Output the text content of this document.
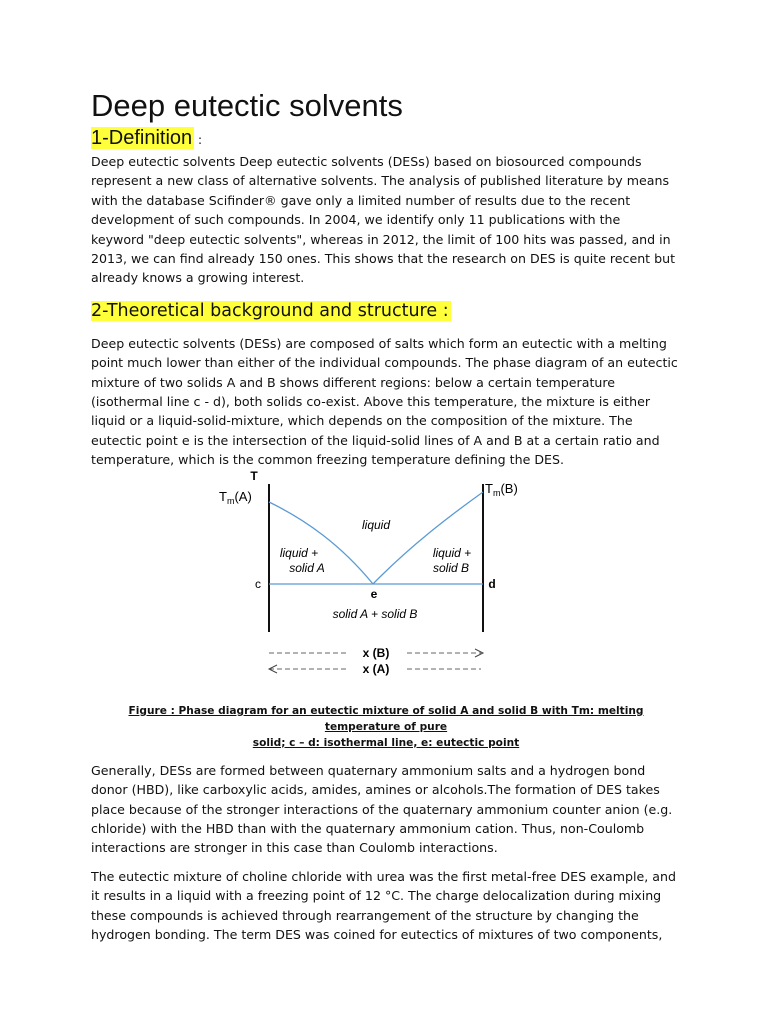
Deep eutectic solvents
1-Definition :

Deep eutectic solvents Deep eutectic solvents (DESs) based on biosourced compounds
represent a new class of alternative solvents. The analysis of published literature by means
with the database Scifinder® gave only a limited number of results due to the recent
development of such compounds. In 2004, we identify only 11 publications with the
keyword "deep eutectic solvents", whereas in 2012, the limit of 100 hits was passed, and in
2013, we can find already 150 ones. This shows that the research on DES is quite recent but
already knows a growing interest.

2-Theoretical background and structure :

Deep eutectic solvents (DESs) are composed of salts which form an eutectic with a melting
point much lower than either of the individual compounds. The phase diagram of an eutectic
mixture of two solids A and B shows different regions: below a certain temperature
(isothermal line c - d), both solids co-exist. Above this temperature, the mixture is either
liquid or a liquid-solid-mixture, which depends on the composition of the mixture. The
eutectic point e is the intersection of the liquid-solid lines of A and B at a certain ratio and
temperature, which is the common freezing temperature defining the DES.

T
$T_m(A)$
$T_m(B)$
liquid
liquid +
solid A
liquid +
solid B
c	d
e
solid A + solid B
x (B)
x (A)
Figure : Phase diagram for an eutectic mixture of solid A and solid B with Tm: melting temperature of pure
solid; c – d: isothermal line, e: eutectic point

Generally, DESs are formed between quaternary ammonium salts and a hydrogen bond
donor (HBD), like carboxylic acids, amides, amines or alcohols.The formation of DES takes
place because of the stronger interactions of the quaternary ammonium counter anion (e.g.
chloride) with the HBD than with the quaternary ammonium cation. Thus, non-Coulomb
interactions are stronger in this case than Coulomb interactions.

The eutectic mixture of choline chloride with urea was the first metal-free DES example, and
it results in a liquid with a freezing point of 12 °C. The charge delocalization during mixing
these compounds is achieved through rearrangement of the structure by changing the
hydrogen bonding. The term DES was coined for eutectics of mixtures of two components,
